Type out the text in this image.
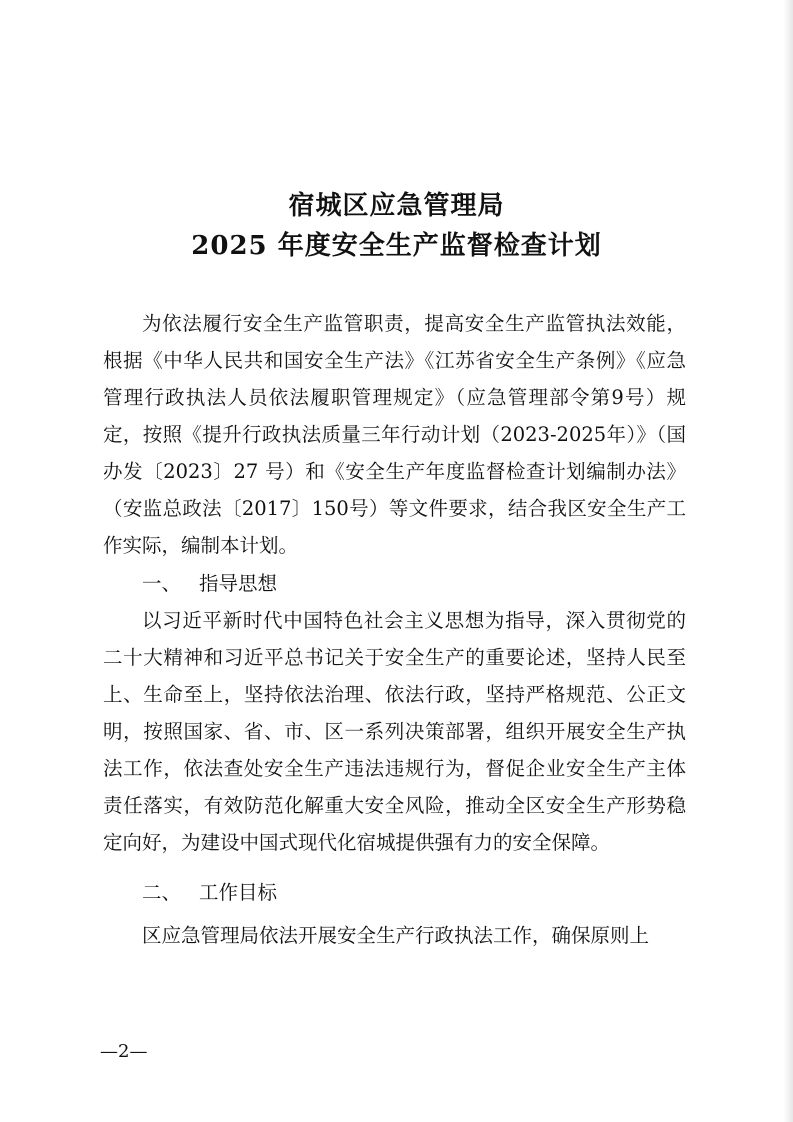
宿城区应急管理局
2025 年度安全生产监督检查计划

为依法履行安全生产监管职责，提高安全生产监管执法效能，根据《中华人民共和国安全生产法》《江苏省安全生产条例》《应急管理行政执法人员依法履职管理规定》（应急管理部令第9号）规定，按照《提升行政执法质量三年行动计划（2023-2025年）》（国办发〔2023〕27 号）和《安全生产年度监督检查计划编制办法》（安监总政法〔2017〕150号）等文件要求，结合我区安全生产工作实际，编制本计划。

一、 指导思想

以习近平新时代中国特色社会主义思想为指导，深入贯彻党的二十大精神和习近平总书记关于安全生产的重要论述，坚持人民至上、生命至上，坚持依法治理、依法行政，坚持严格规范、公正文明，按照国家、省、市、区一系列决策部署，组织开展安全生产执法工作，依法查处安全生产违法违规行为，督促企业安全生产主体责任落实，有效防范化解重大安全风险，推动全区安全生产形势稳定向好，为建设中国式现代化宿城提供强有力的安全保障。

二、 工作目标

区应急管理局依法开展安全生产行政执法工作，确保原则上

—2—
